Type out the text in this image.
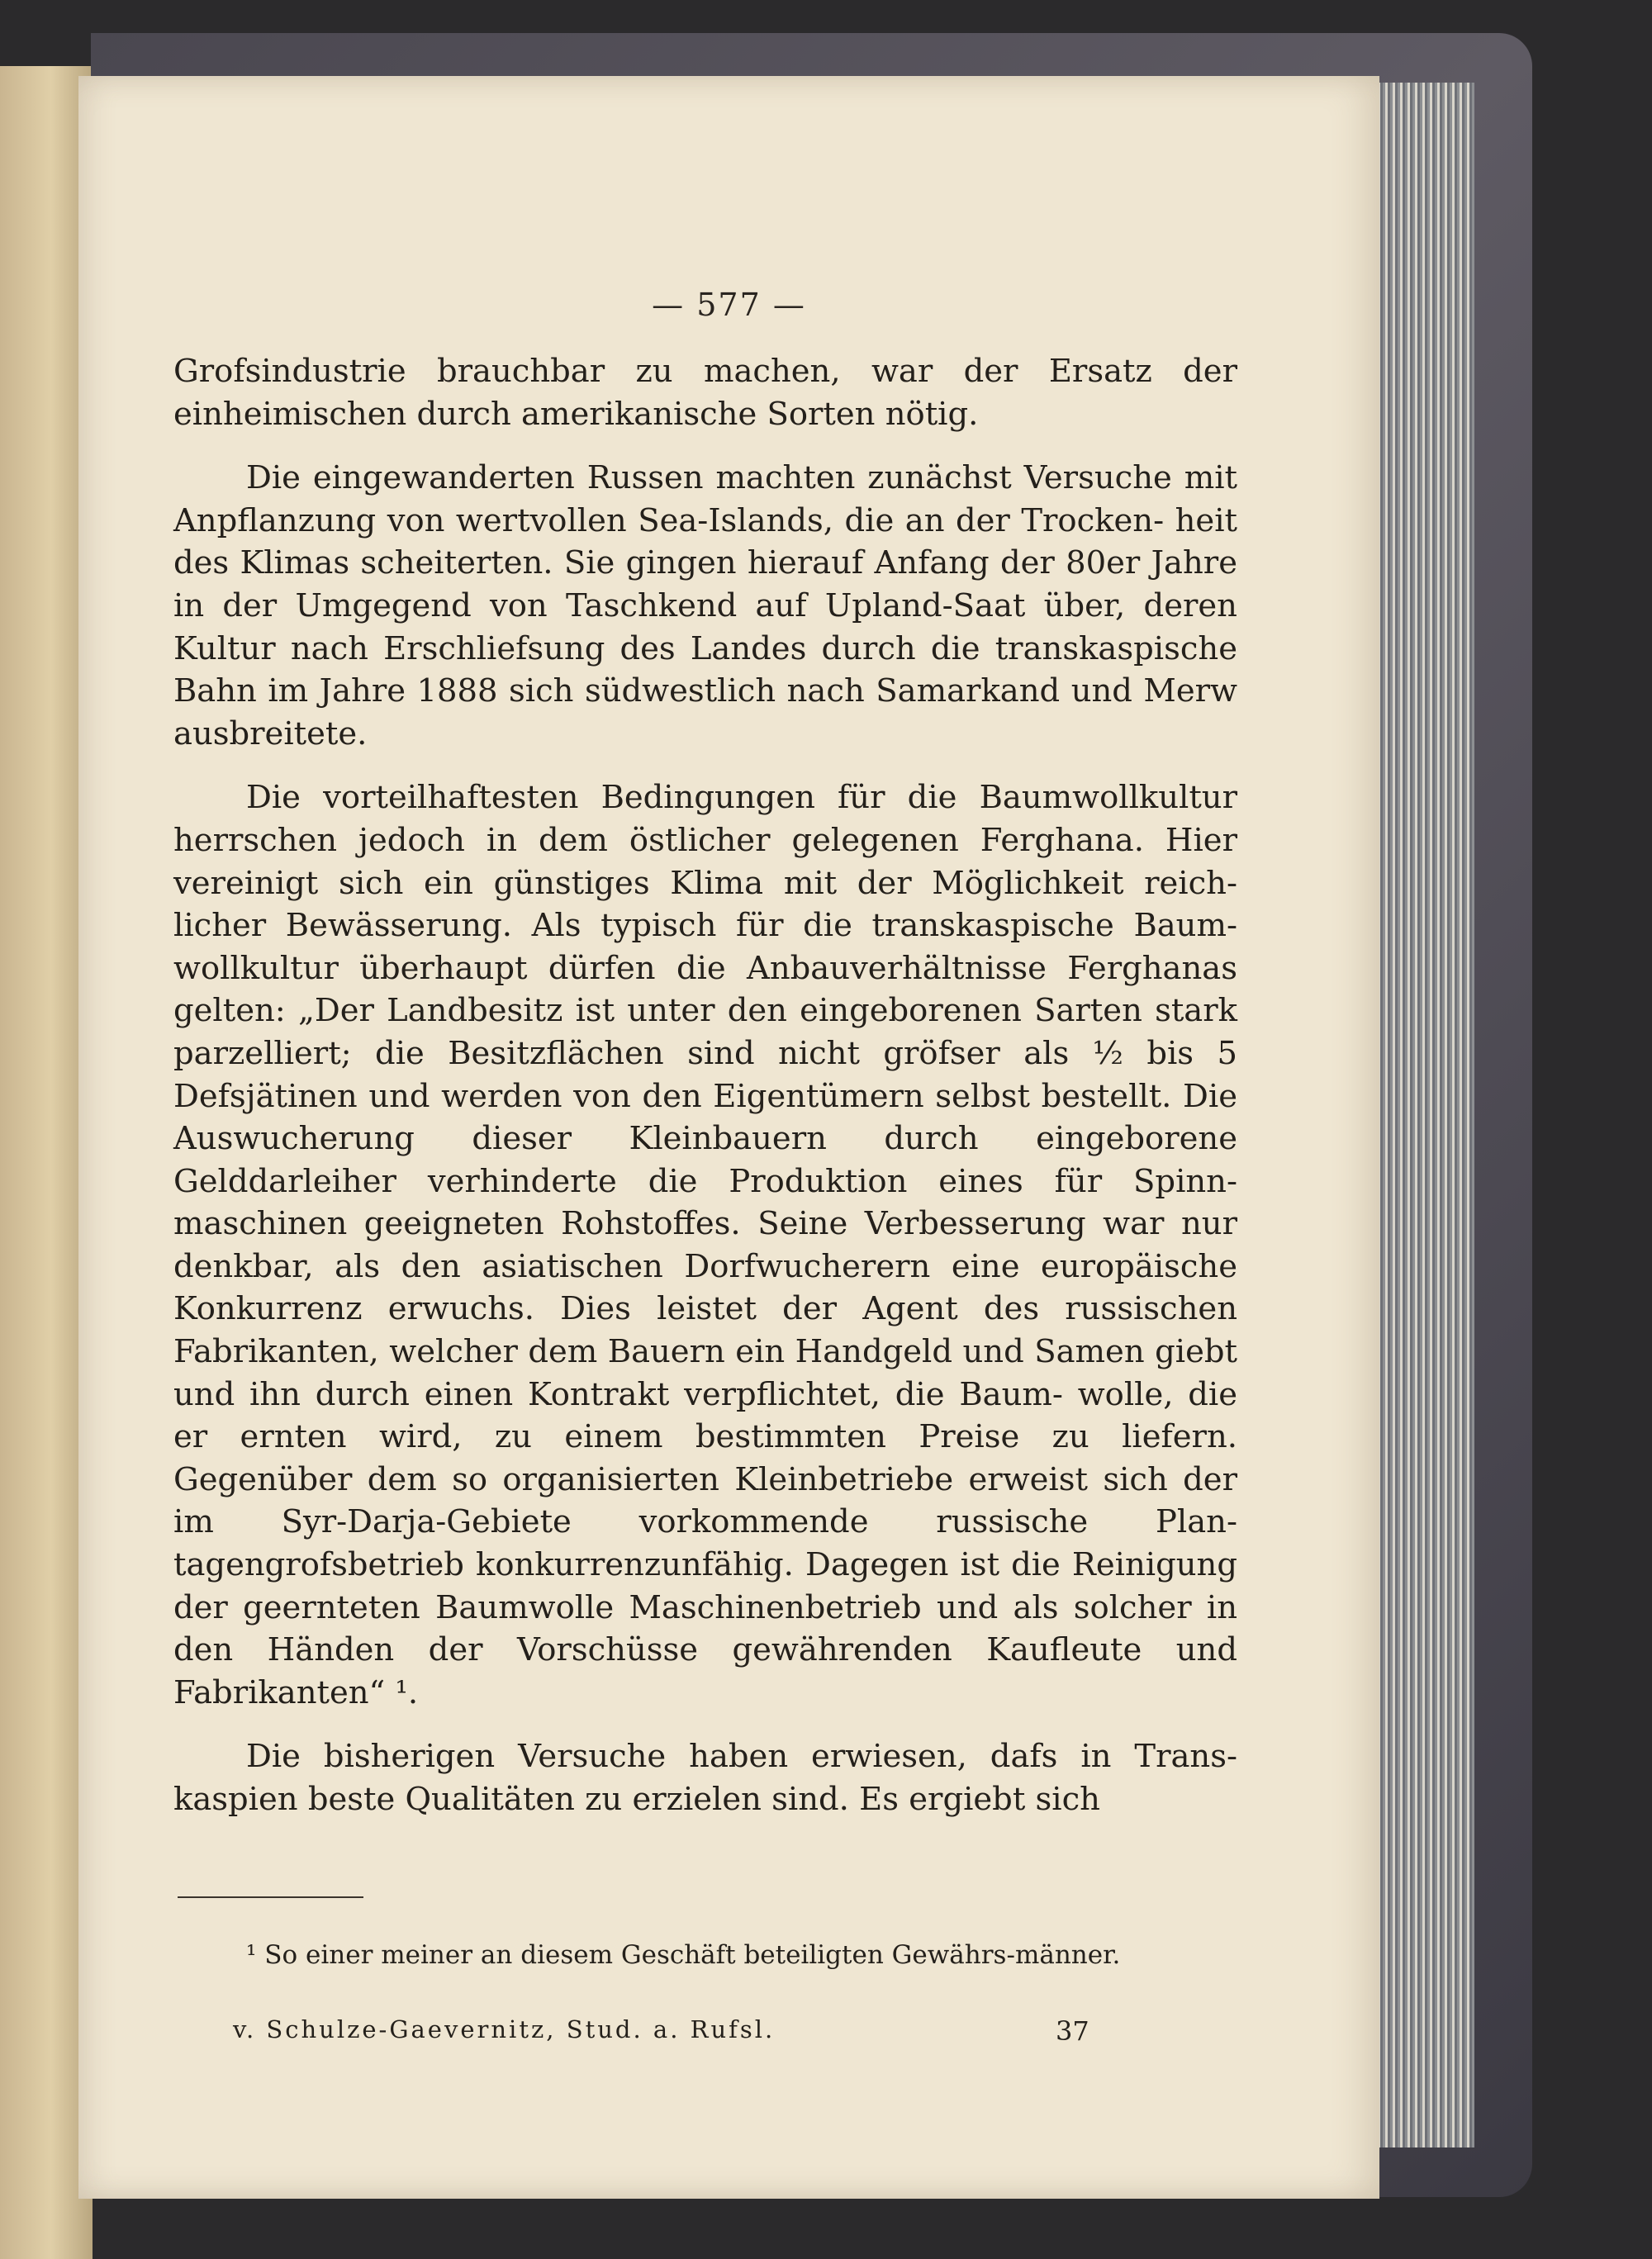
— 577 —

Grofsindustrie brauchbar zu machen, war der Ersatz der einheimischen durch amerikanische Sorten nötig.

Die eingewanderten Russen machten zunächst Versuche mit Anpflanzung von wertvollen Sea-Islands, die an der Trocken- heit des Klimas scheiterten. Sie gingen hierauf Anfang der 80er Jahre in der Umgegend von Taschkend auf Upland-Saat über, deren Kultur nach Erschliefsung des Landes durch die transkaspische Bahn im Jahre 1888 sich südwestlich nach Samarkand und Merw ausbreitete.

Die vorteilhaftesten Bedingungen für die Baumwollkultur herrschen jedoch in dem östlicher gelegenen Ferghana. Hier vereinigt sich ein günstiges Klima mit der Möglichkeit reich- licher Bewässerung. Als typisch für die transkaspische Baum- wollkultur überhaupt dürfen die Anbauverhältnisse Ferghanas gelten: „Der Landbesitz ist unter den eingeborenen Sarten stark parzelliert; die Besitzflächen sind nicht gröfser als ½ bis 5 Defsjätinen und werden von den Eigentümern selbst bestellt. Die Auswucherung dieser Kleinbauern durch eingeborene Gelddarleiher verhinderte die Produktion eines für Spinn- maschinen geeigneten Rohstoffes. Seine Verbesserung war nur denkbar, als den asiatischen Dorfwucherern eine europäische Konkurrenz erwuchs. Dies leistet der Agent des russischen Fabrikanten, welcher dem Bauern ein Handgeld und Samen giebt und ihn durch einen Kontrakt verpflichtet, die Baum- wolle, die er ernten wird, zu einem bestimmten Preise zu liefern. Gegenüber dem so organisierten Kleinbetriebe erweist sich der im Syr-Darja-Gebiete vorkommende russische Plan- tagengrofsbetrieb konkurrenzunfähig. Dagegen ist die Reinigung der geernteten Baumwolle Maschinenbetrieb und als solcher in den Händen der Vorschüsse gewährenden Kaufleute und Fabrikanten“ ¹.

Die bisherigen Versuche haben erwiesen, dafs in Trans- kaspien beste Qualitäten zu erzielen sind. Es ergiebt sich

¹ So einer meiner an diesem Geschäft beteiligten Gewährs-männer.
v. Schulze-Gaevernitz, Stud. a. Rufsl.	37
